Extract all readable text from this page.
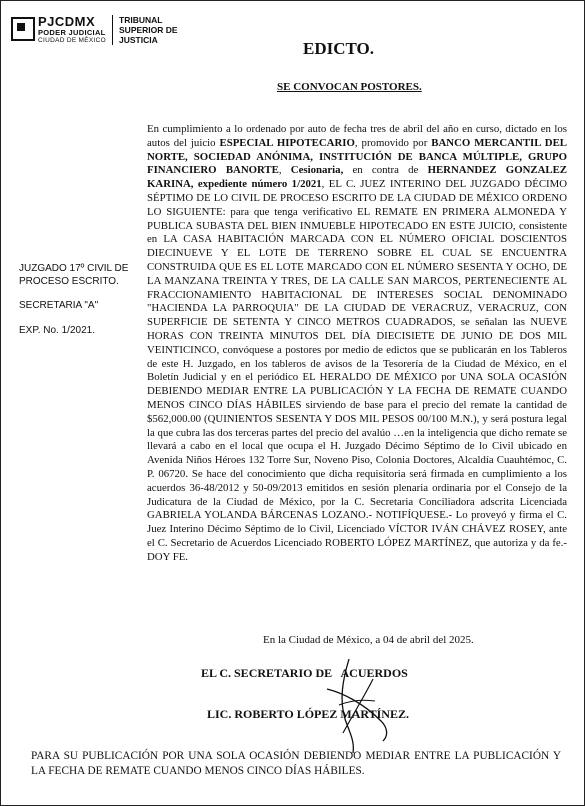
PJCDMX
PODER JUDICIAL
CIUDAD DE MÉXICO
TRIBUNAL
SUPERIOR DE
JUSTICIA	EDICTO.
SE CONVOCAN POSTORES.
JUZGADO 17º CIVIL DE PROCESO ESCRITO.
SECRETARIA "A"
EXP. No. 1/2021.

En cumplimiento a lo ordenado por auto de fecha tres de abril del año en curso, dictado en los autos del juicio ESPECIAL HIPOTECARIO, promovido por BANCO MERCANTIL DEL NORTE, SOCIEDAD ANÓNIMA, INSTITUCIÓN DE BANCA MÚLTIPLE, GRUPO FINANCIERO BANORTE, Cesionaria, en contra de HERNANDEZ GONZALEZ KARINA, expediente número 1/2021, EL C. JUEZ INTERINO DEL JUZGADO DÉCIMO SÉPTIMO DE LO CIVIL DE PROCESO ESCRITO DE LA CIUDAD DE MÉXICO ORDENO LO SIGUIENTE: para que tenga verificativo EL REMATE EN PRIMERA ALMONEDA Y PUBLICA SUBASTA DEL BIEN INMUEBLE HIPOTECADO EN ESTE JUICIO, consistente en LA CASA HABITACIÓN MARCADA CON EL NÚMERO OFICIAL DOSCIENTOS DIECINUEVE Y EL LOTE DE TERRENO SOBRE EL CUAL SE ENCUENTRA CONSTRUIDA QUE ES EL LOTE MARCADO CON EL NÚMERO SESENTA Y OCHO, DE LA MANZANA TREINTA Y TRES, DE LA CALLE SAN MARCOS, PERTENECIENTE AL FRACCIONAMIENTO HABITACIONAL DE INTERESES SOCIAL DENOMINADO "HACIENDA LA PARROQUIA" DE LA CIUDAD DE VERACRUZ, VERACRUZ, CON SUPERFICIE DE SETENTA Y CINCO METROS CUADRADOS, se señalan las NUEVE HORAS CON TREINTA MINUTOS DEL DÍA DIECISIETE DE JUNIO DE DOS MIL VEINTICINCO, convóquese a postores por medio de edictos que se publicarán en los Tableros de este H. Juzgado, en los tableros de avisos de la Tesorería de la Ciudad de México, en el Boletín Judicial y en el periódico EL HERALDO DE MÉXICO por UNA SOLA OCASIÓN DEBIENDO MEDIAR ENTRE LA PUBLICACIÓN Y LA FECHA DE REMATE CUANDO MENOS CINCO DÍAS HÁBILES sirviendo de base para el precio del remate la cantidad de $562,000.00 (QUINIENTOS SESENTA Y DOS MIL PESOS 00/100 M.N.), y será postura legal la que cubra las dos terceras partes del precio del avalúo …en la inteligencia que dicho remate se llevará a cabo en el local que ocupa el H. Juzgado Décimo Séptimo de lo Civil ubicado en Avenida Niños Héroes 132 Torre Sur, Noveno Piso, Colonia Doctores, Alcaldía Cuauhtémoc, C. P. 06720. Se hace del conocimiento que dicha requisitoria será firmada en cumplimiento a los acuerdos 36-48/2012 y 50-09/2013 emitidos en sesión plenaria ordinaria por el Consejo de la Judicatura de la Ciudad de México, por la C. Secretaria Conciliadora adscrita Licenciada GABRIELA YOLANDA BÁRCENAS LOZANO.- NOTIFÍQUESE.- Lo proveyó y firma el C. Juez Interino Décimo Séptimo de lo Civil, Licenciado VÍCTOR IVÁN CHÁVEZ ROSEY, ante el C. Secretario de Acuerdos Licenciado ROBERTO LÓPEZ MARTÍNEZ, que autoriza y da fe.- DOY FE.

En la Ciudad de México, a 04 de abril del 2025.
EL C. SECRETARIO DE   ACUERDOS
LIC. ROBERTO LÓPEZ MARTÍNEZ.
PARA SU PUBLICACIÓN POR UNA SOLA OCASIÓN DEBIENDO MEDIAR ENTRE LA PUBLICACIÓN Y LA FECHA DE REMATE CUANDO MENOS CINCO DÍAS HÁBILES.
